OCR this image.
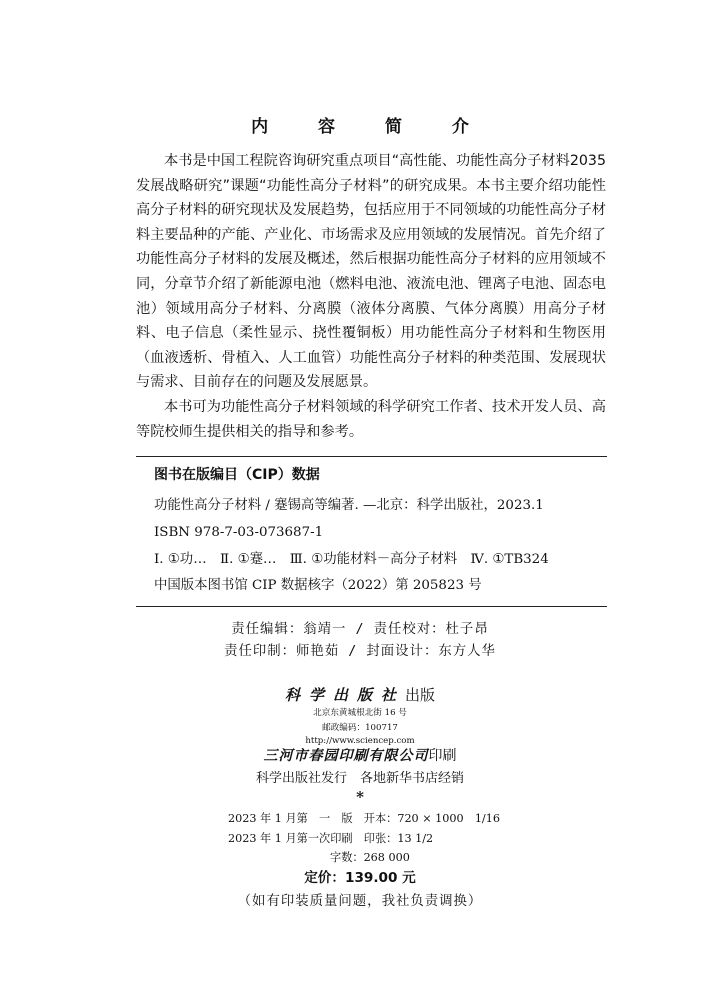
内 容 简 介

本书是中国工程院咨询研究重点项目“高性能、功能性高分子材料2035 发展战略研究”课题“功能性高分子材料”的研究成果。本书主要介绍功能性高分子材料的研究现状及发展趋势，包括应用于不同领域的功能性高分子材料主要品种的产能、产业化、市场需求及应用领域的发展情况。首先介绍了功能性高分子材料的发展及概述，然后根据功能性高分子材料的应用领域不同，分章节介绍了新能源电池（燃料电池、液流电池、锂离子电池、固态电池）领域用高分子材料、分离膜（液体分离膜、气体分离膜）用高分子材料、电子信息（柔性显示、挠性覆铜板）用功能性高分子材料和生物医用（血液透析、骨植入、人工血管）功能性高分子材料的种类范围、发展现状与需求、目前存在的问题及发展愿景。

本书可为功能性高分子材料领域的科学研究工作者、技术开发人员、高等院校师生提供相关的指导和参考。

图书在版编目（CIP）数据
功能性高分子材料 / 蹇锡高等编著. —北京：科学出版社，2023.1
ISBN 978-7-03-073687-1
Ⅰ. ①功…　Ⅱ. ①蹇…　Ⅲ. ①功能材料－高分子材料　Ⅳ. ①TB324
中国版本图书馆 CIP 数据核字（2022）第 205823 号
责任编辑：翁靖一 / 责任校对：杜子昂
责任印制：师艳茹 / 封面设计：东方人华
科学出版社出版
北京东黄城根北街 16 号
邮政编码：100717
http://www.sciencep.com
三河市春园印刷有限公司印刷
科学出版社发行　各地新华书店经销
*
2023 年 1 月第　一　版　开本：720 × 1000　1/16
2023 年 1 月第一次印刷　印张：13 1/2
字数：268 000
定价：139.00 元
（如有印装质量问题，我社负责调换）
